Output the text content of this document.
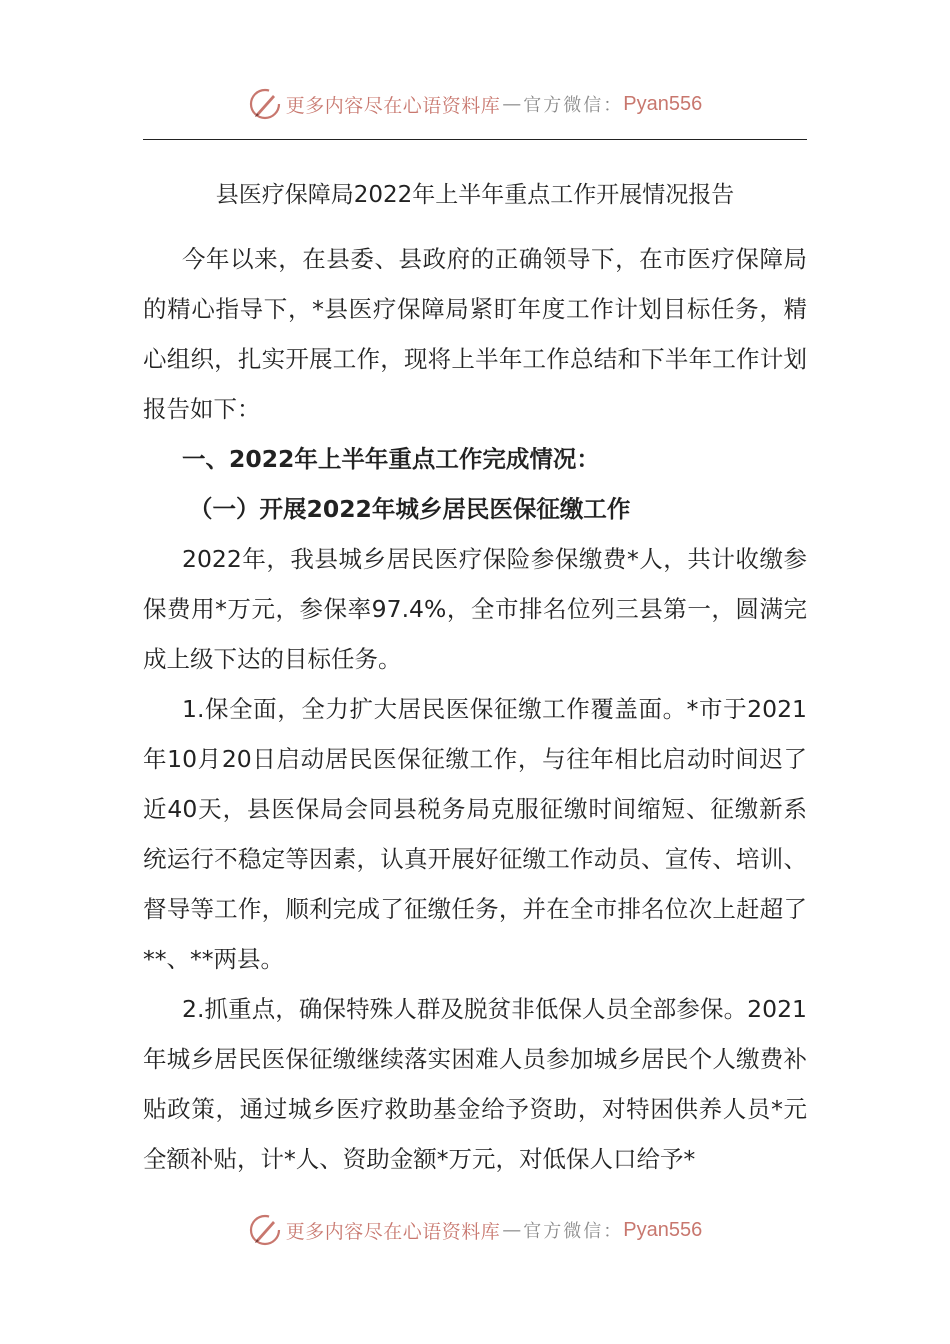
更多内容尽在心语资料库 — 官方微信： Pyan556
县医疗保障局2022年上半年重点工作开展情况报告

今年以来，在县委、县政府的正确领导下，在市医疗保障局的精心指导下，*县医疗保障局紧盯年度工作计划目标任务，精心组织，扎实开展工作，现将上半年工作总结和下半年工作计划报告如下：

一、2022年上半年重点工作完成情况：

（一）开展2022年城乡居民医保征缴工作

2022年，我县城乡居民医疗保险参保缴费*人，共计收缴参保费用*万元，参保率97.4%，全市排名位列三县第一，圆满完成上级下达的目标任务。

1.保全面，全力扩大居民医保征缴工作覆盖面。*市于2021年10月20日启动居民医保征缴工作，与往年相比启动时间迟了近40天，县医保局会同县税务局克服征缴时间缩短、征缴新系统运行不稳定等因素，认真开展好征缴工作动员、宣传、培训、督导等工作，顺利完成了征缴任务，并在全市排名位次上赶超了**、**两县。

2.抓重点，确保特殊人群及脱贫非低保人员全部参保。2021年城乡居民医保征缴继续落实困难人员参加城乡居民个人缴费补贴政策，通过城乡医疗救助基金给予资助，对特困供养人员*元全额补贴，计*人、资助金额*万元，对低保人口给予*

更多内容尽在心语资料库 — 官方微信： Pyan556
